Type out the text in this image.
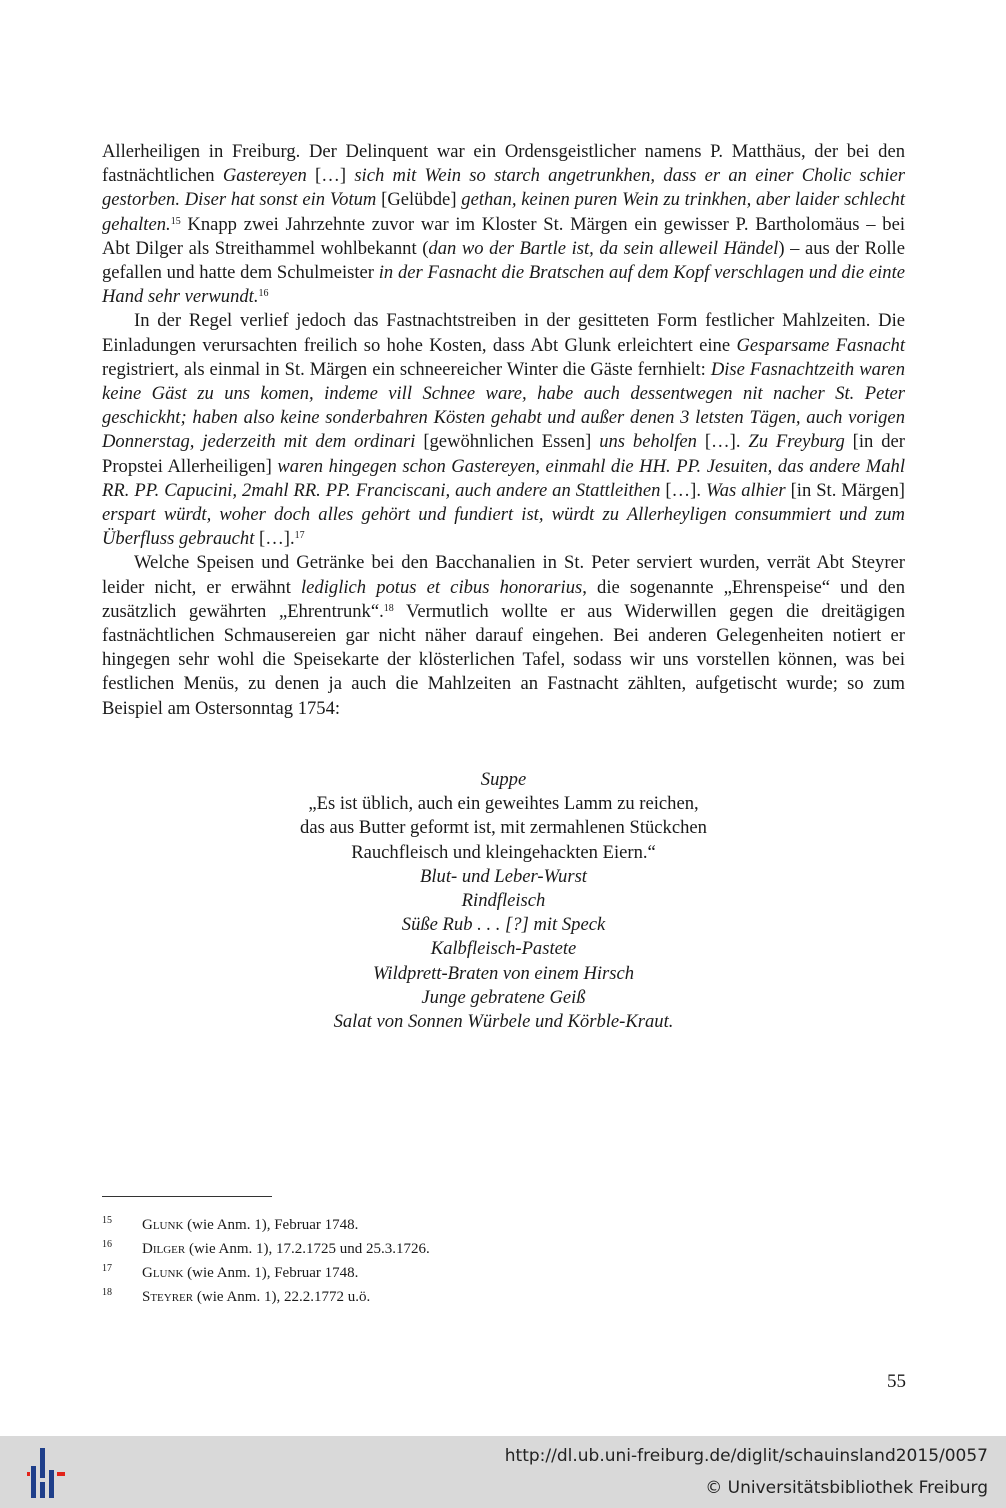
Allerheiligen in Freiburg. Der Delinquent war ein Ordensgeistlicher namens P. Matthäus, der bei den fastnächtlichen Gastereyen […] sich mit Wein so starch angetrunkhen, dass er an einer Cholic schier gestorben. Diser hat sonst ein Votum [Gelübde] gethan, keinen puren Wein zu trinkhen, aber laider schlecht gehalten.$^{15}$ Knapp zwei Jahrzehnte zuvor war im Kloster St. Märgen ein gewisser P. Bartholomäus – bei Abt Dilger als Streithammel wohlbekannt (dan wo der Bartle ist, da sein alleweil Händel) – aus der Rolle gefallen und hatte dem Schulmeister in der Fasnacht die Bratschen auf dem Kopf verschlagen und die einte Hand sehr verwundt.$^{16}$

In der Regel verlief jedoch das Fastnachtstreiben in der gesitteten Form festlicher Mahlzeiten. Die Einladungen verursachten freilich so hohe Kosten, dass Abt Glunk erleichtert eine Gesparsame Fasnacht registriert, als einmal in St. Märgen ein schneereicher Winter die Gäste fernhielt: Dise Fasnachtzeith waren keine Gäst zu uns komen, indeme vill Schnee ware, habe auch dessentwegen nit nacher St. Peter geschickht; haben also keine sonderbahren Kösten gehabt und außer denen 3 letsten Tägen, auch vorigen Donnerstag, jederzeith mit dem ordinari [gewöhnlichen Essen] uns beholfen […]. Zu Freyburg [in der Propstei Allerheiligen] waren hingegen schon Gastereyen, einmahl die HH. PP. Jesuiten, das andere Mahl RR. PP. Capucini, 2mahl RR. PP. Franciscani, auch andere an Stattleithen […]. Was alhier [in St. Märgen] erspart würdt, woher doch alles gehört und fundiert ist, würdt zu Allerheyligen consummiert und zum Überfluss gebraucht […].$^{17}$

Welche Speisen und Getränke bei den Bacchanalien in St. Peter serviert wurden, verrät Abt Steyrer leider nicht, er erwähnt lediglich potus et cibus honorarius, die sogenannte „Ehrenspeise“ und den zusätzlich gewährten „Ehrentrunk“.$^{18}$ Vermutlich wollte er aus Widerwillen gegen die dreitägigen fastnächtlichen Schmausereien gar nicht näher darauf eingehen. Bei anderen Gelegenheiten notiert er hingegen sehr wohl die Speisekarte der klösterlichen Tafel, sodass wir uns vorstellen können, was bei festlichen Menüs, zu denen ja auch die Mahlzeiten an Fastnacht zählten, aufgetischt wurde; so zum Beispiel am Ostersonntag 1754:

Suppe
„Es ist üblich, auch ein geweihtes Lamm zu reichen,
das aus Butter geformt ist, mit zermahlenen Stückchen
Rauchfleisch und kleingehackten Eiern.“
Blut- und Leber-Wurst
Rindfleisch
Süße Rub . . . [?] mit Speck
Kalbfleisch-Pastete
Wildprett-Braten von einem Hirsch
Junge gebratene Geiß
Salat von Sonnen Würbele und Körble-Kraut.
15 Glunk (wie Anm. 1), Februar 1748.
16 Dilger (wie Anm. 1), 17.2.1725 und 25.3.1726.
17 Glunk (wie Anm. 1), Februar 1748.
18 Steyrer (wie Anm. 1), 22.2.1772 u.ö.
55
http://dl.ub.uni-freiburg.de/diglit/schauinsland2015/0057
© Universitätsbibliothek Freiburg
